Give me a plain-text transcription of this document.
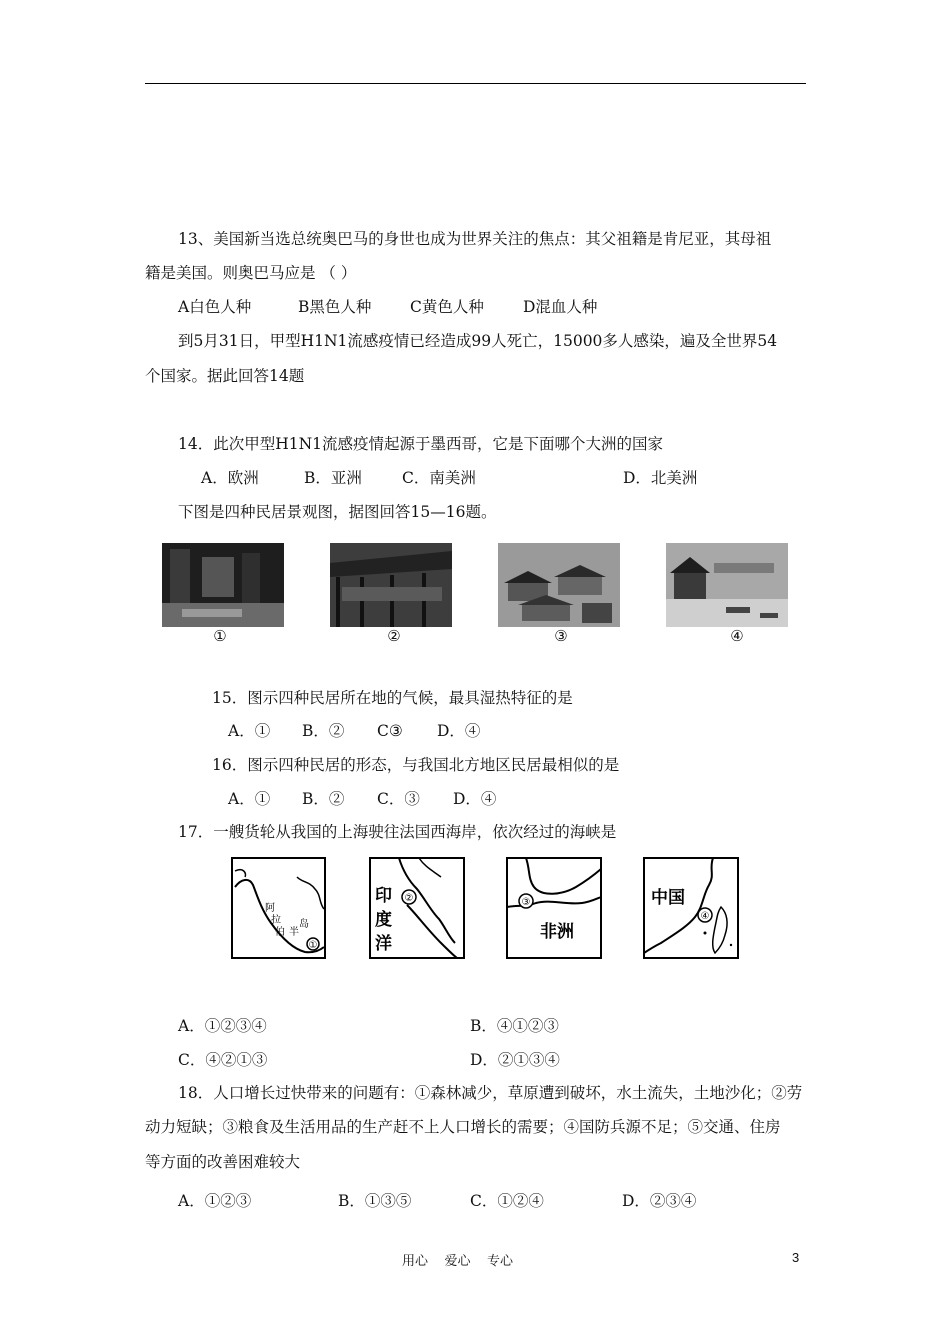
13、美国新当选总统奥巴马的身世也成为世界关注的焦点：其父祖籍是肯尼亚，其母祖
籍是美国。则奥巴马应是 （ ）
A白色人种	B黑色人种 C黄色人种	D混血人种
到5月31日，甲型H1N1流感疫情已经造成99人死亡，15000多人感染，遍及全世界54
个国家。据此回答14题
14．此次甲型H1N1流感疫情起源于墨西哥，它是下面哪个大洲的国家
A．欧洲	B．亚洲	C．南美洲	D．北美洲
下图是四种民居景观图，据图回答15—16题。
①	②	③	④
15．图示四种民居所在地的气候，最具湿热特征的是
A．① B．② C③ D．④
16．图示四种民居的形态，与我国北方地区民居最相似的是
A．① B．② C．③ D．④
17．一艘货轮从我国的上海驶往法国西海岸，依次经过的海峡是
①
阿
拉
伯 半
岛
②
印
度
洋
③
非洲
④
中国
A．①②③④	B．④①②③
C．④②①③	D．②①③④
18．人口增长过快带来的问题有：①森林减少，草原遭到破坏，水土流失，土地沙化；②劳
动力短缺；③粮食及生活用品的生产赶不上人口增长的需要；④国防兵源不足；⑤交通、住房
等方面的改善困难较大
A．①②③	B．①③⑤	C．①②④	D．②③④
用心    爱心    专心	3
